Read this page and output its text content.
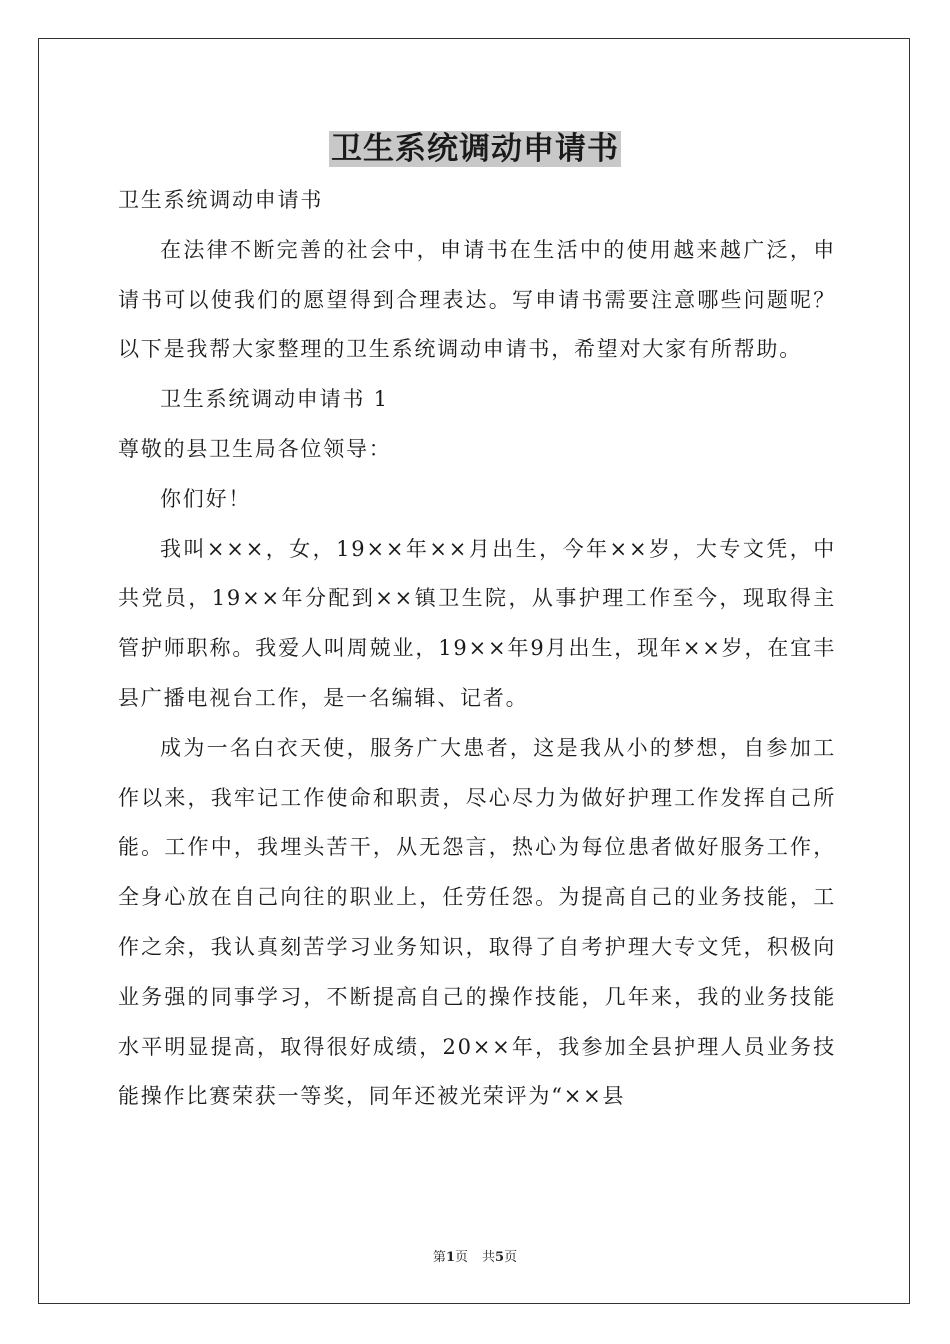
卫生系统调动申请书

卫生系统调动申请书

在法律不断完善的社会中，申请书在生活中的使用越来越广泛，申请书可以使我们的愿望得到合理表达。写申请书需要注意哪些问题呢？以下是我帮大家整理的卫生系统调动申请书，希望对大家有所帮助。

卫生系统调动申请书 1

尊敬的县卫生局各位领导：

你们好！

我叫×××，女，19××年××月出生，今年××岁，大专文凭，中共党员，19××年分配到××镇卫生院，从事护理工作至今，现取得主管护师职称。我爱人叫周兢业，19××年9月出生，现年××岁，在宜丰县广播电视台工作，是一名编辑、记者。

成为一名白衣天使，服务广大患者，这是我从小的梦想，自参加工作以来，我牢记工作使命和职责，尽心尽力为做好护理工作发挥自己所能。工作中，我埋头苦干，从无怨言，热心为每位患者做好服务工作，全身心放在自己向往的职业上，任劳任怨。为提高自己的业务技能，工作之余，我认真刻苦学习业务知识，取得了自考护理大专文凭，积极向业务强的同事学习，不断提高自己的操作技能，几年来，我的业务技能水平明显提高，取得很好成绩，20××年，我参加全县护理人员业务技能操作比赛荣获一等奖，同年还被光荣评为“××县

第1页 共5页
